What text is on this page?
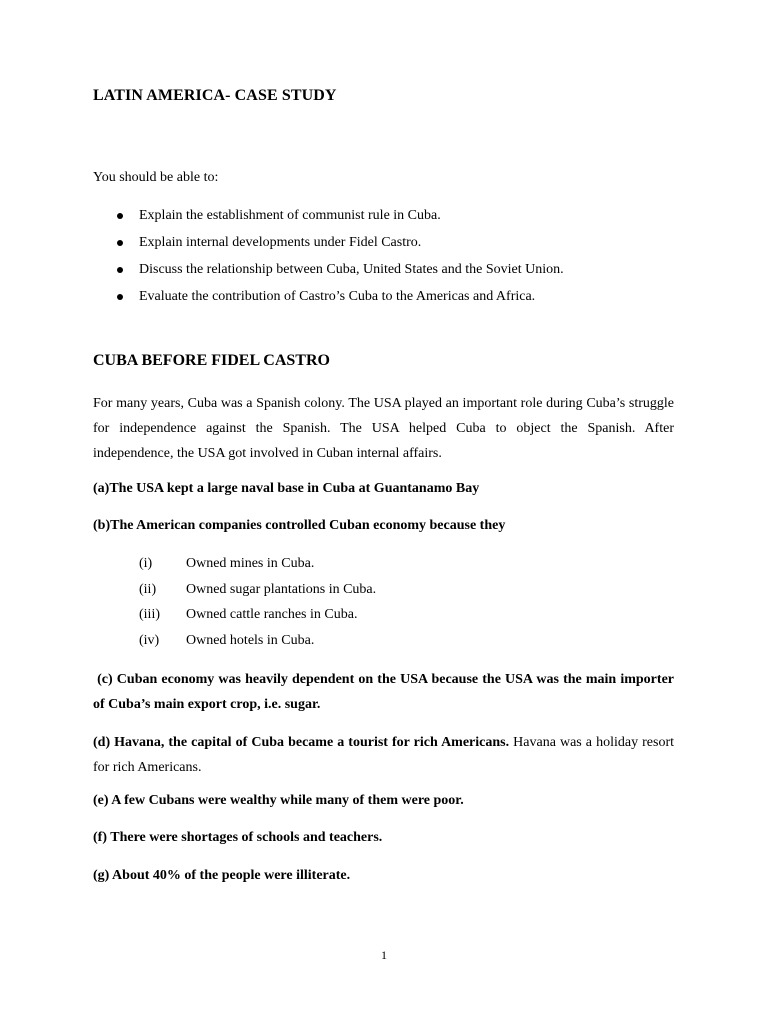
LATIN AMERICA- CASE STUDY

You should be able to:

Explain the establishment of communist rule in Cuba.
Explain internal developments under Fidel Castro.
Discuss the relationship between Cuba, United States and the Soviet Union.
Evaluate the contribution of Castro’s Cuba to the Americas and Africa.
CUBA BEFORE FIDEL CASTRO

For many years, Cuba was a Spanish colony. The USA played an important role during Cuba’s struggle for independence against the Spanish. The USA helped Cuba to object the Spanish. After independence, the USA got involved in Cuban internal affairs.

(a)The USA kept a large naval base in Cuba at Guantanamo Bay

(b)The American companies controlled Cuban economy because they

(i) Owned mines in Cuba.
(ii) Owned sugar plantations in Cuba.
(iii) Owned cattle ranches in Cuba.
(iv) Owned hotels in Cuba.

(c) Cuban economy was heavily dependent on the USA because the USA was the main importer of Cuba’s main export crop, i.e. sugar.

(d) Havana, the capital of Cuba became a tourist for rich Americans. Havana was a holiday resort for rich Americans.

(e) A few Cubans were wealthy while many of them were poor.

(f) There were shortages of schools and teachers.

(g) About 40% of the people were illiterate.

1
